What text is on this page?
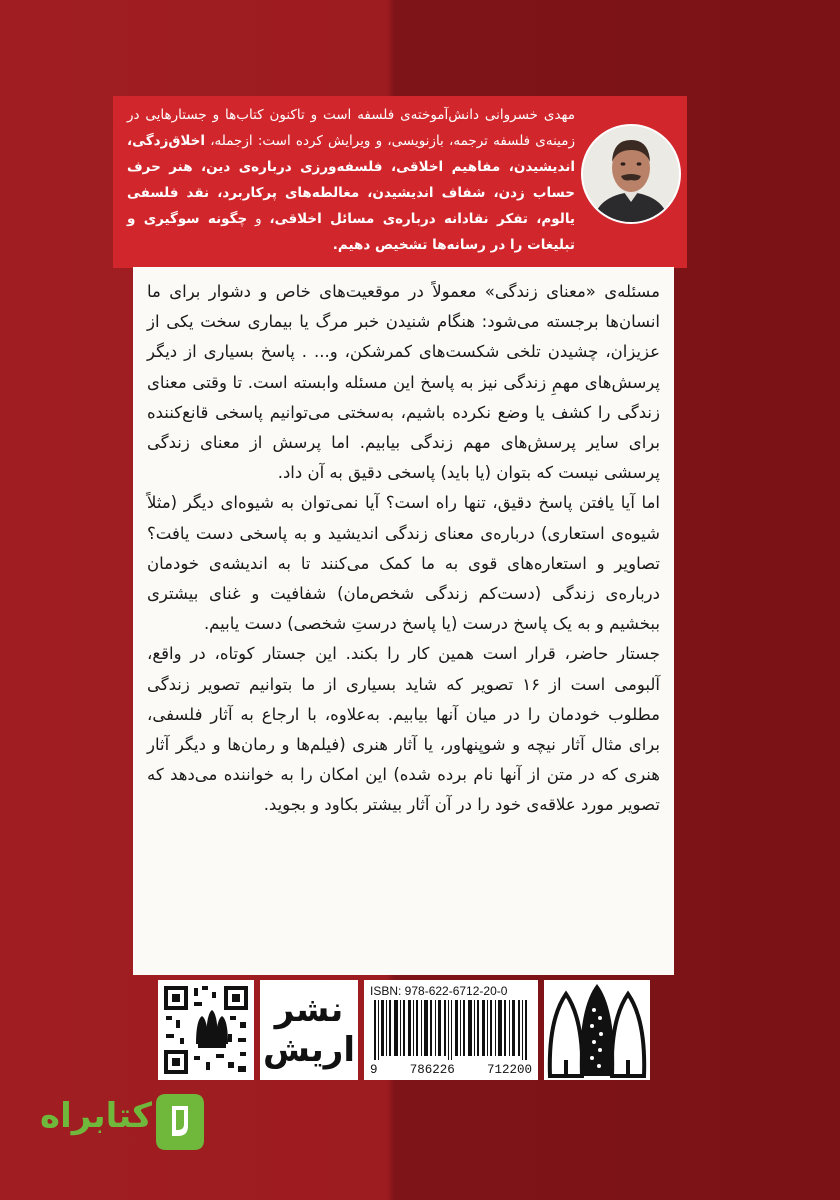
مهدی خسروانی دانش‌آموخته‌ی فلسفه است و تاکنون کتاب‌ها و جستارهایی در زمینه‌ی فلسفه ترجمه، بازنویسی، و ویرایش کرده است: ازجمله، اخلاق‌زدگی، اندیشیدن، مفاهیم اخلاقی، فلسفه‌ورزی درباره‌ی دین، هنر حرف حساب زدن، شفاف اندیشیدن، مغالطه‌های پرکاربرد، نقد فلسفی یالوم، تفکر نقادانه درباره‌ی مسائل اخلاقی، و چگونه سوگیری و تبلیغات را در رسانه‌ها تشخیص دهیم.

مسئله‌ی «معنای زندگی» معمولاً در موقعیت‌های خاص و دشوار برای ما انسان‌ها برجسته می‌شود: هنگام شنیدن خبر مرگ یا بیماری سخت یکی از عزیزان، چشیدن تلخی شکست‌های کمرشکن، و... . پاسخ بسیاری از دیگر پرسش‌های مهمِ زندگی نیز به پاسخ این مسئله وابسته است. تا وقتی معنای زندگی را کشف یا وضع نکرده باشیم، به‌سختی می‌توانیم پاسخی قانع‌کننده برای سایر پرسش‌های مهم زندگی بیابیم. اما پرسش از معنای زندگی پرسشی نیست که بتوان (یا باید) پاسخی دقیق به آن داد.

اما آیا یافتن پاسخ دقیق، تنها راه است؟ آیا نمی‌توان به شیوه‌ای دیگر (مثلاً شیوه‌ی استعاری) درباره‌ی معنای زندگی اندیشید و به پاسخی دست یافت؟ تصاویر و استعاره‌های قوی به ما کمک می‌کنند تا به اندیشه‌ی خودمان درباره‌ی زندگی (دست‌کم زندگی شخص‌مان) شفافیت و غنای بیشتری ببخشیم و به یک پاسخ درست (یا پاسخ درستِ شخصی) دست یابیم.

جستار حاضر، قرار است همین کار را بکند. این جستار کوتاه، در واقع، آلبومی است از ۱۶ تصویر که شاید بسیاری از ما بتوانیم تصویر زندگی مطلوب خودمان را در میان آنها بیابیم. به‌علاوه، با ارجاع به آثار فلسفی، برای مثال آثار نیچه و شوپنهاور، یا آثار هنری (فیلم‌ها و رمان‌ها و دیگر آثار هنری که در متن از آنها نام برده شده) این امکان را به خواننده می‌دهد که تصویر مورد علاقه‌ی خود را در آن آثار بیشتر بکاود و بجوید.

نشر
اریش
ISBN: 978-622-6712-20-0
9	786226	712200
کتابراه
